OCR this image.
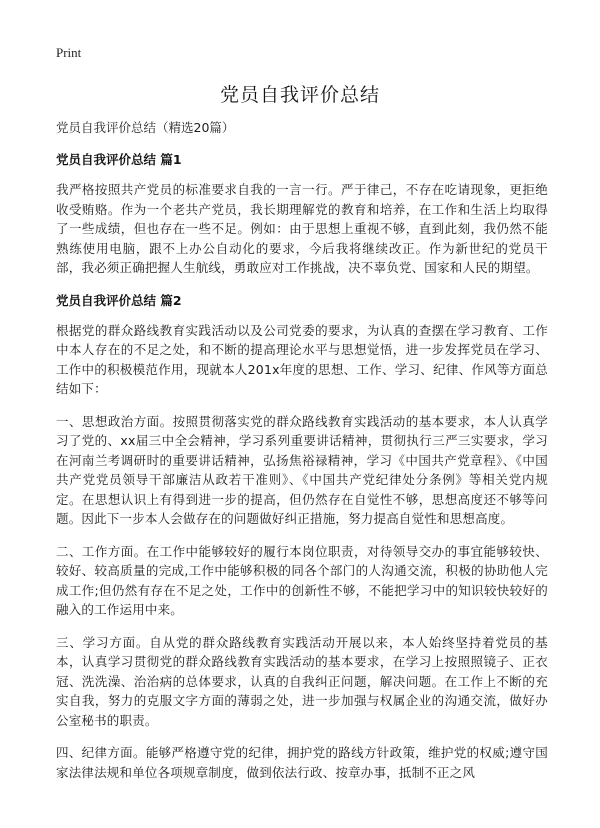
Print
党员自我评价总结
党员自我评价总结（精选20篇）
党员自我评价总结 篇1
我严格按照共产党员的标准要求自我的一言一行。严于律己，不存在吃请现象，更拒绝收受贿赂。作为一个老共产党员，我长期理解党的教育和培养，在工作和生活上均取得了一些成绩，但也存在一些不足。例如：由于思想上重视不够，直到此刻，我仍然不能熟练使用电脑，跟不上办公自动化的要求，今后我将继续改正。作为新世纪的党员干部，我必须正确把握人生航线，勇敢应对工作挑战，决不辜负党、国家和人民的期望。
党员自我评价总结 篇2
根据党的群众路线教育实践活动以及公司党委的要求，为认真的查摆在学习教育、工作中本人存在的不足之处，和不断的提高理论水平与思想觉悟，进一步发挥党员在学习、工作中的积极模范作用，现就本人201x年度的思想、工作、学习、纪律、作风等方面总结如下：
一、思想政治方面。按照贯彻落实党的群众路线教育实践活动的基本要求，本人认真学习了党的、xx届三中全会精神，学习系列重要讲话精神，贯彻执行三严三实要求，学习在河南兰考调研时的重要讲话精神，弘扬焦裕禄精神，学习《中国共产党章程》、《中国共产党党员领导干部廉洁从政若干准则》、《中国共产党纪律处分条例》等相关党内规定。在思想认识上有得到进一步的提高，但仍然存在自觉性不够，思想高度还不够等问题。因此下一步本人会做存在的问题做好纠正措施，努力提高自觉性和思想高度。
二、工作方面。在工作中能够较好的履行本岗位职责，对待领导交办的事宜能够较快、较好、较高质量的完成,工作中能够积极的同各个部门的人沟通交流，积极的协助他人完成工作;但仍然有存在不足之处，工作中的创新性不够，不能把学习中的知识较快较好的融入的工作运用中来。
三、学习方面。自从党的群众路线教育实践活动开展以来，本人始终坚持着党员的基本，认真学习贯彻党的群众路线教育实践活动的基本要求，在学习上按照照镜子、正衣冠、洗洗澡、治治病的总体要求，认真的自我纠正问题，解决问题。在工作上不断的充实自我，努力的克服文字方面的薄弱之处，进一步加强与权属企业的沟通交流，做好办公室秘书的职责。
四、纪律方面。能够严格遵守党的纪律，拥护党的路线方针政策，维护党的权威;遵守国家法律法规和单位各项规章制度，做到依法行政、按章办事，抵制不正之风
